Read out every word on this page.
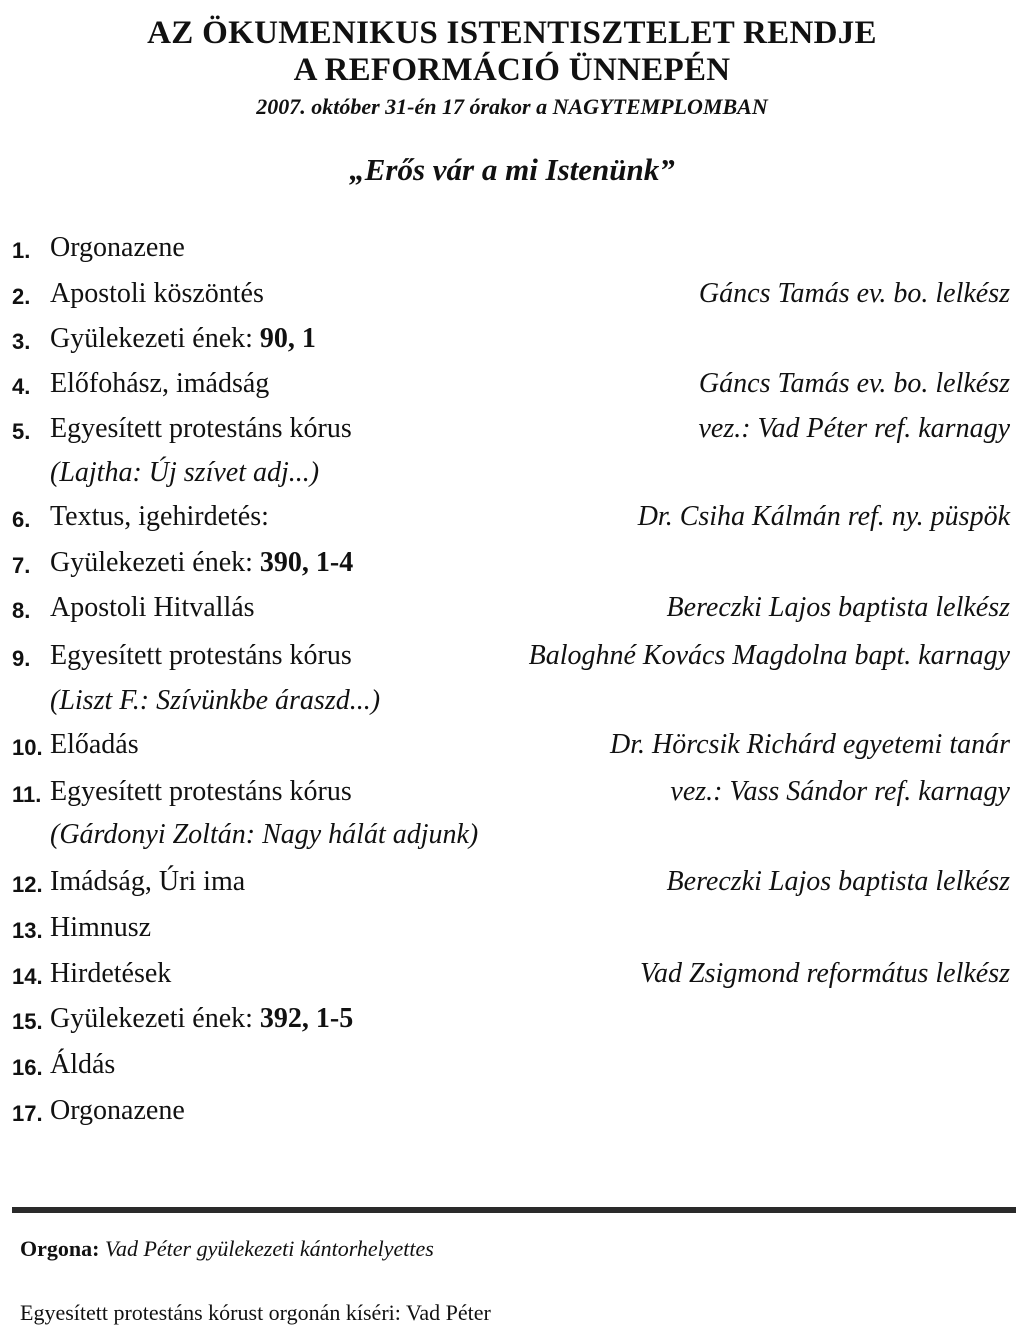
AZ ÖKUMENIKUS ISTENTISZTELET RENDJE
A REFORMÁCIÓ ÜNNEPÉN
2007. október 31-én 17 órakor a NAGYTEMPLOMBAN
„Erős vár a mi Istenünk”
1. Orgonazene
2. Apostoli köszöntés	Gáncs Tamás ev. bo. lelkész
3. Gyülekezeti ének: 90, 1
4. Előfohász, imádság	Gáncs Tamás ev. bo. lelkész
5. Egyesített protestáns kórus	vez.: Vad Péter ref. karnagy
(Lajtha: Új szívet adj...)
6. Textus, igehirdetés:	Dr. Csiha Kálmán ref. ny. püspök
7. Gyülekezeti ének: 390, 1-4
8. Apostoli Hitvallás	Bereczki Lajos baptista lelkész
9. Egyesített protestáns kórus	Baloghné Kovács Magdolna bapt. karnagy
(Liszt F.: Szívünkbe áraszd...)
10. Előadás	Dr. Hörcsik Richárd egyetemi tanár
11. Egyesített protestáns kórus	vez.: Vass Sándor ref. karnagy
(Gárdonyi Zoltán: Nagy hálát adjunk)
12. Imádság, Úri ima	Bereczki Lajos baptista lelkész
13. Himnusz
14. Hirdetések	Vad Zsigmond református lelkész
15. Gyülekezeti ének: 392, 1-5
16. Áldás
17. Orgonazene
Orgona: Vad Péter gyülekezeti kántorhelyettes
Egyesített protestáns kórust orgonán kíséri: Vad Péter
